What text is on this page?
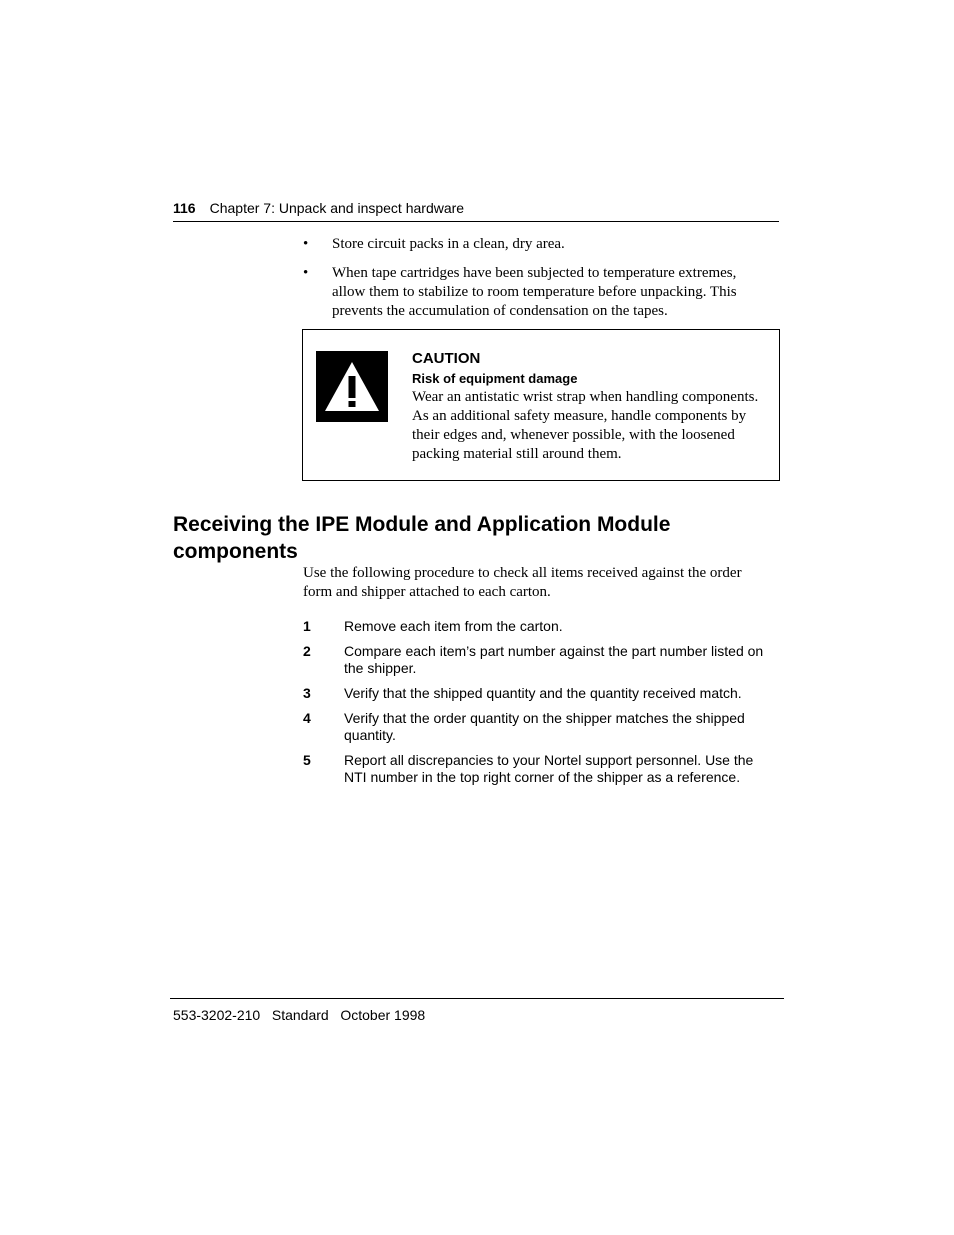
116 Chapter 7: Unpack and inspect hardware
• Store circuit packs in a clean, dry area.
• When tape cartridges have been subjected to temperature extremes, allow them to stabilize to room temperature before unpacking. This prevents the accumulation of condensation on the tapes.
CAUTION
Risk of equipment damage
Wear an antistatic wrist strap when handling components. As an additional safety measure, handle components by their edges and, whenever possible, with the loosened packing material still around them.
Receiving the IPE Module and Application Module components

Use the following procedure to check all items received against the order form and shipper attached to each carton.

1 Remove each item from the carton.
2 Compare each item’s part number against the part number listed on the shipper.
3 Verify that the shipped quantity and the quantity received match.
4 Verify that the order quantity on the shipper matches the shipped quantity.
5 Report all discrepancies to your Nortel support personnel. Use the NTI number in the top right corner of the shipper as a reference.
553-3202-210 Standard October 1998
